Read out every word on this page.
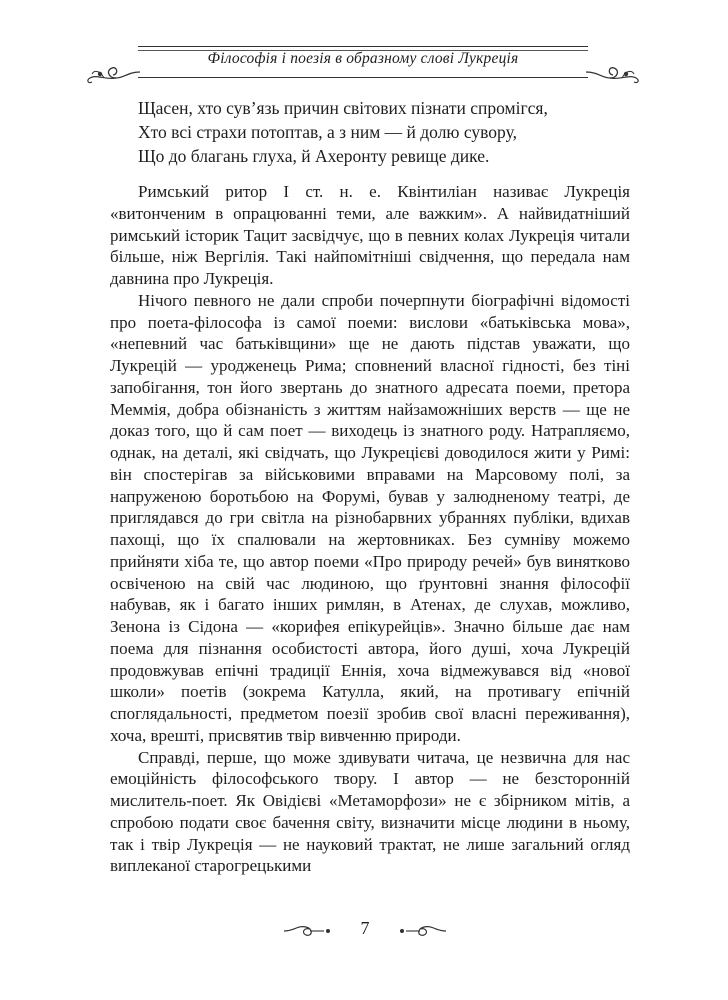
Філософія і поезія в образному слові Лукреція
Щасен, хто сув’язь причин світових пізнати спромігся,
Хто всі страхи потоптав, а з ним — й долю сувору,
Що до благань глуха, й Ахеронту ревище дике.

Римський ритор I ст. н. е. Квінтиліан називає Лукреція «витонченим в опрацюванні теми, але важким». А найвидатніший римський історик Тацит засвідчує, що в певних колах Лукреція читали більше, ніж Вергілія. Такі найпомітніші свідчення, що передала нам давнина про Лукреція.

Нічого певного не дали спроби почерпнути біографічні відомості про поета-філософа із самої поеми: вислови «батьківська мова», «непевний час батьківщини» ще не дають підстав уважати, що Лукрецій — уродженець Рима; сповнений власної гідності, без тіні запобігання, тон його звертань до знатного адресата поеми, претора Меммія, добра обізнаність з життям найзаможніших верств — ще не доказ того, що й сам поет — виходець із знатного роду. Натрапляємо, однак, на деталі, які свідчать, що Лукрецієві доводилося жити у Римі: він спостерігав за військовими вправами на Марсовому полі, за напруженою боротьбою на Форумі, бував у залюдненому театрі, де приглядався до гри світла на різнобарвних убраннях публіки, вдихав пахощі, що їх спалювали на жертовниках. Без сумніву можемо прийняти хіба те, що автор поеми «Про природу речей» був винятково освіченою на свій час людиною, що ґрунтовні знання філософії набував, як і багато інших римлян, в Атенах, де слухав, можливо, Зенона із Сідона — «корифея епікурейців». Значно більше дає нам поема для пізнання особистості автора, його душі, хоча Лукрецій продовжував епічні традиції Еннія, хоча відмежувався від «нової школи» поетів (зокрема Катулла, який, на противагу епічній споглядальності, предметом поезії зробив свої власні переживання), хоча, врешті, присвятив твір вивченню природи.

Справді, перше, що може здивувати читача, це незвична для нас емоційність філософського твору. І автор — не безсторонній мислитель-поет. Як Овідієві «Метаморфози» не є збірником мітів, а спробою подати своє бачення світу, визначити місце людини в ньому, так і твір Лукреція — не науковий трактат, не лише загальний огляд виплеканої старогрецькими

7
